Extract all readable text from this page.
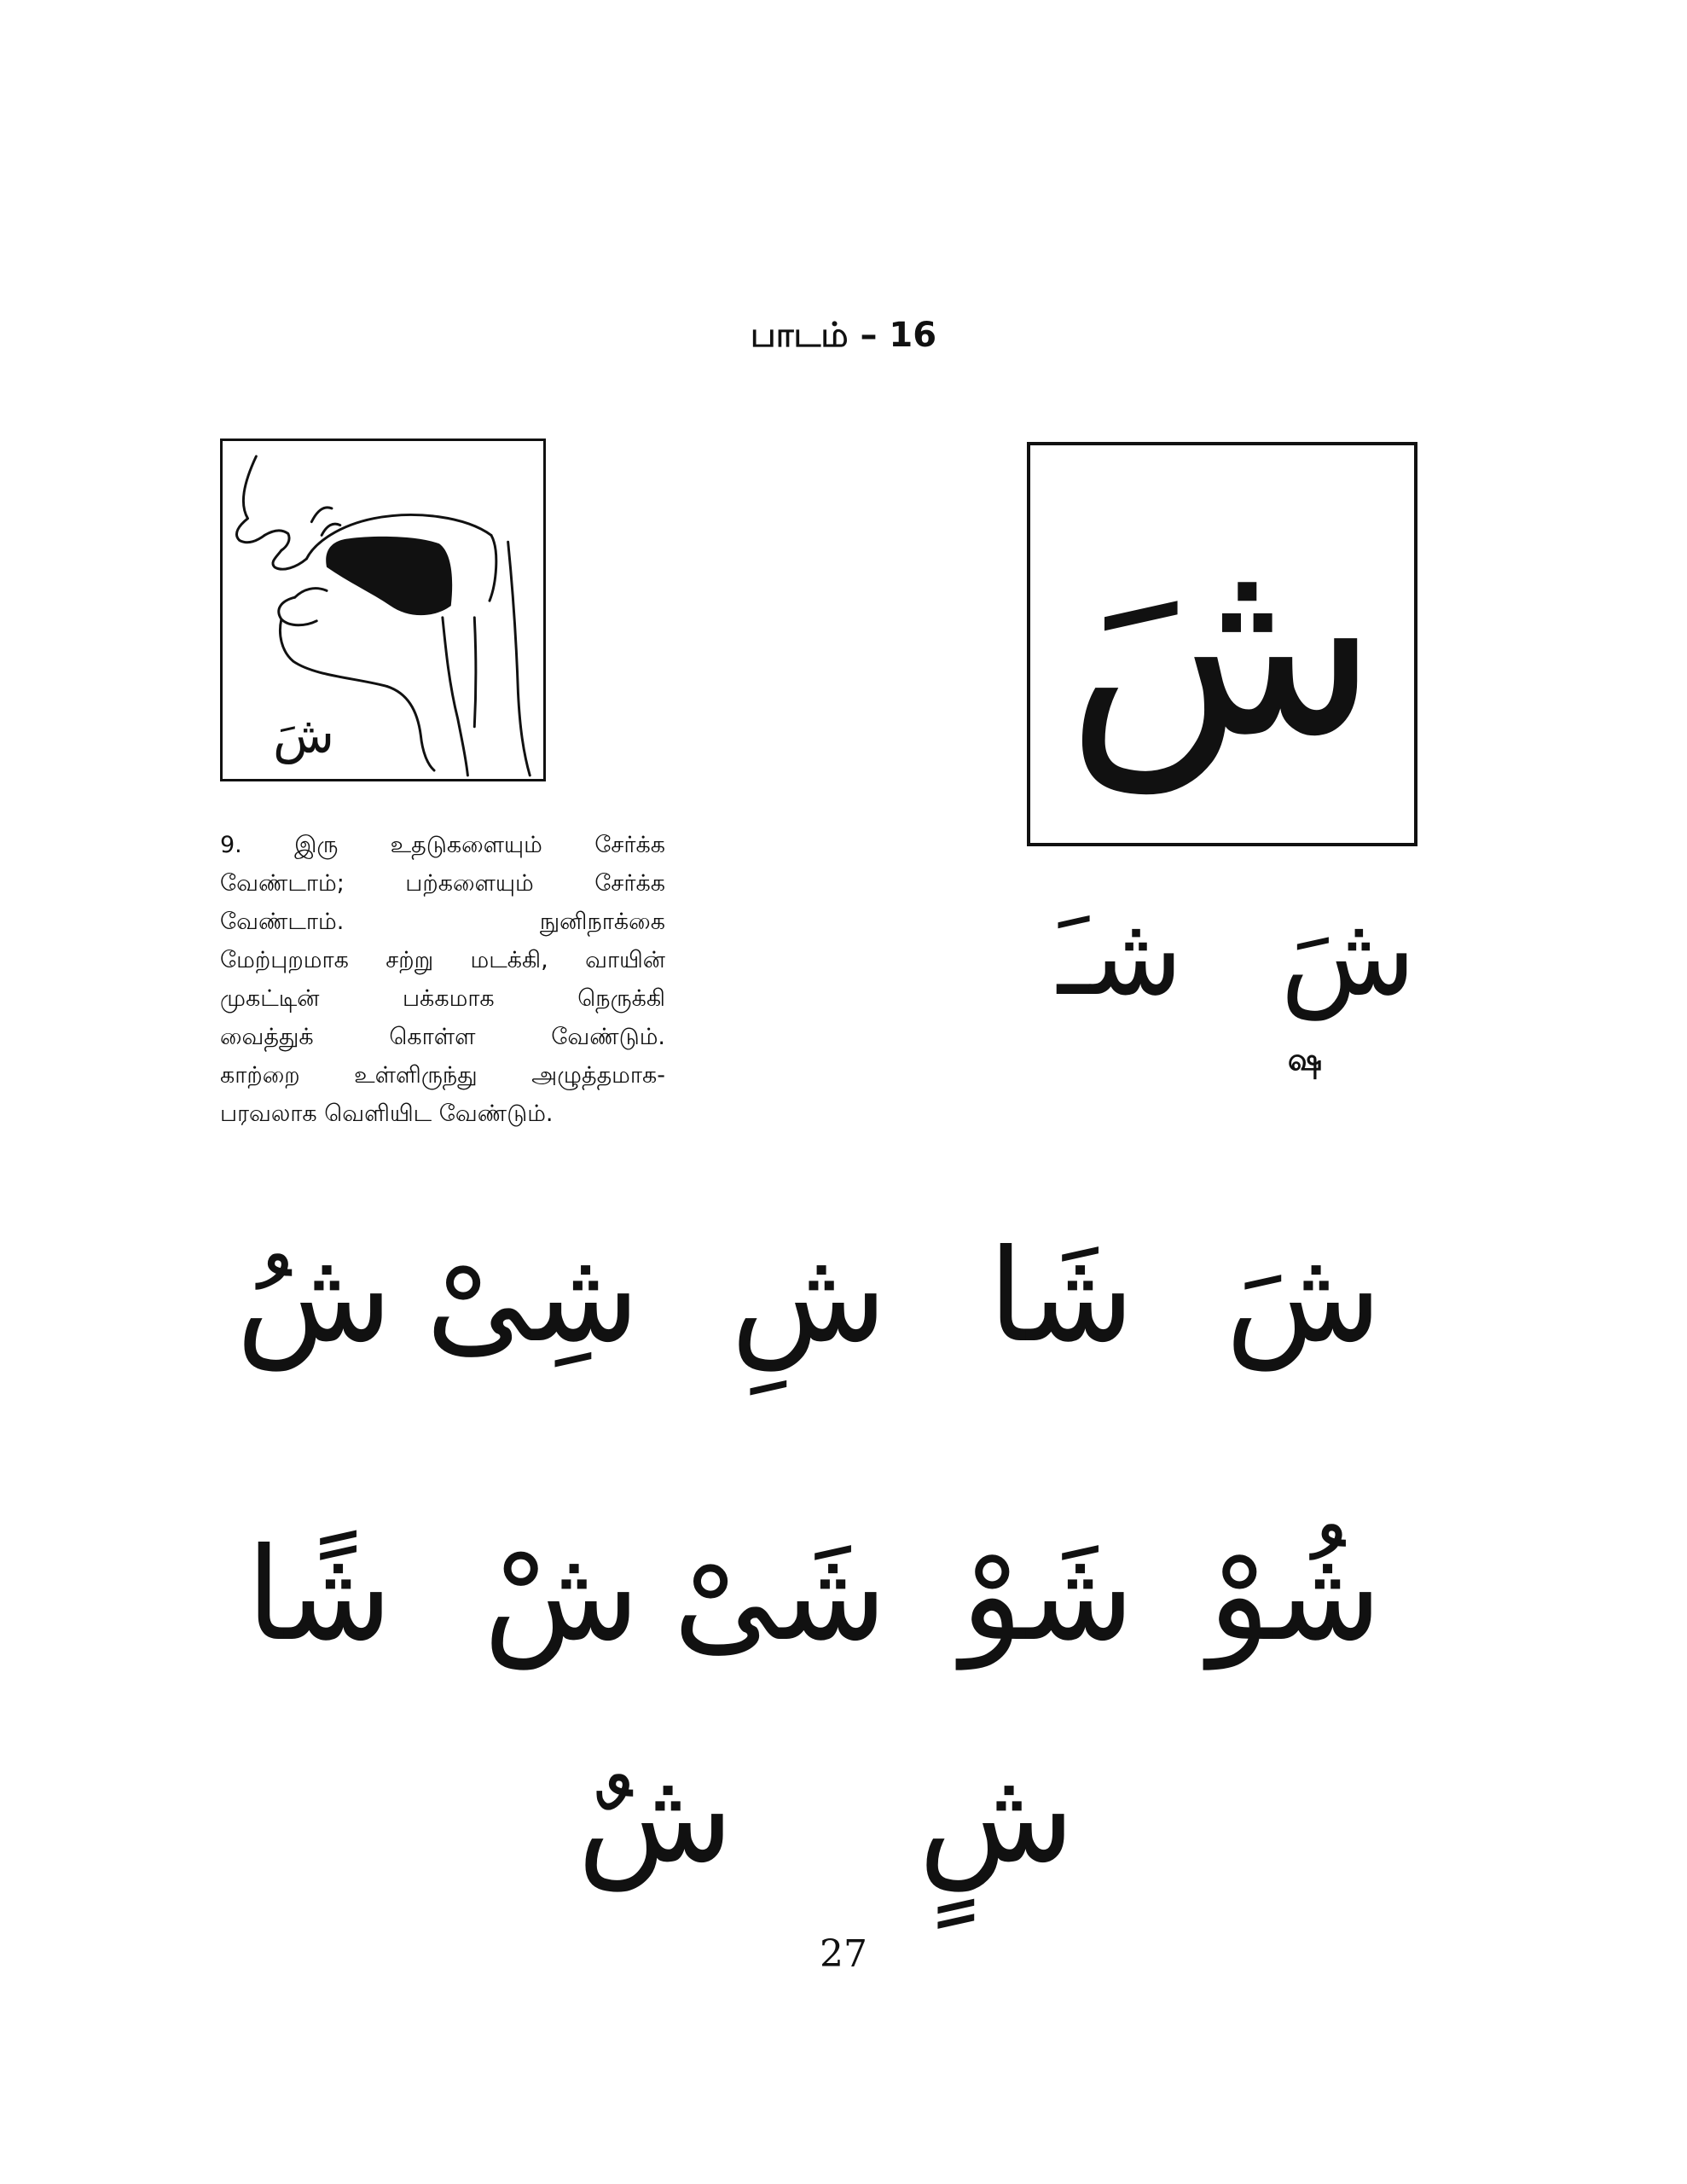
பாடம் – 16
شَ
9. இரு உதடுகளையும் சேர்க்க
வேண்டாம்; பற்களையும் சேர்க்க
வேண்டாம். நுனிநாக்கை
மேற்புறமாக சற்று மடக்கி, வாயின்
முகட்டின் பக்கமாக நெருக்கி
வைத்துக் கொள்ள வேண்டும்.
காற்றை உள்ளிருந்து அழுத்தமாக-
பரவலாக வெளியிட வேண்டும்.
شَ
شـَ شَ
ஷ
شَ
شَا
شِ
شِیْ
شُ
شُوْ
شَوْ
شَیْ
شْ
شًا
شٍ
شٌ
27
